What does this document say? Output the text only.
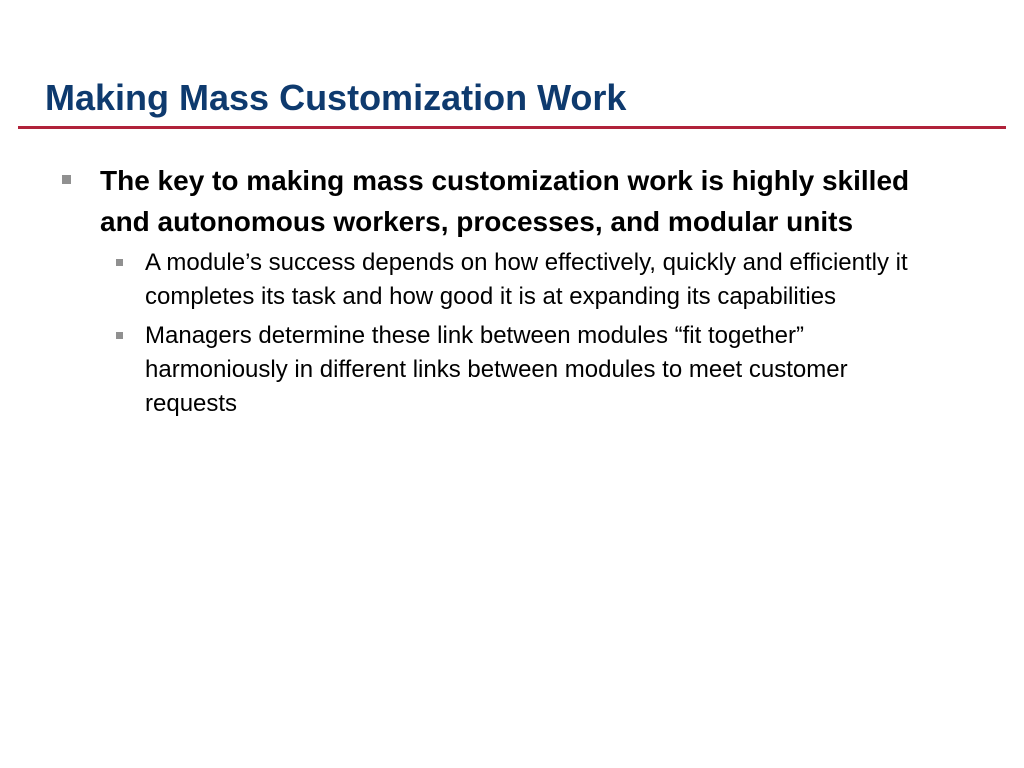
Making Mass Customization Work
The key to making mass customization work is highly skilled and autonomous workers, processes, and modular units
A module’s success depends on how effectively, quickly and efficiently it completes its task and how good it is at expanding its capabilities
Managers determine these link between modules “fit together” harmoniously in different links between modules to meet customer requests
